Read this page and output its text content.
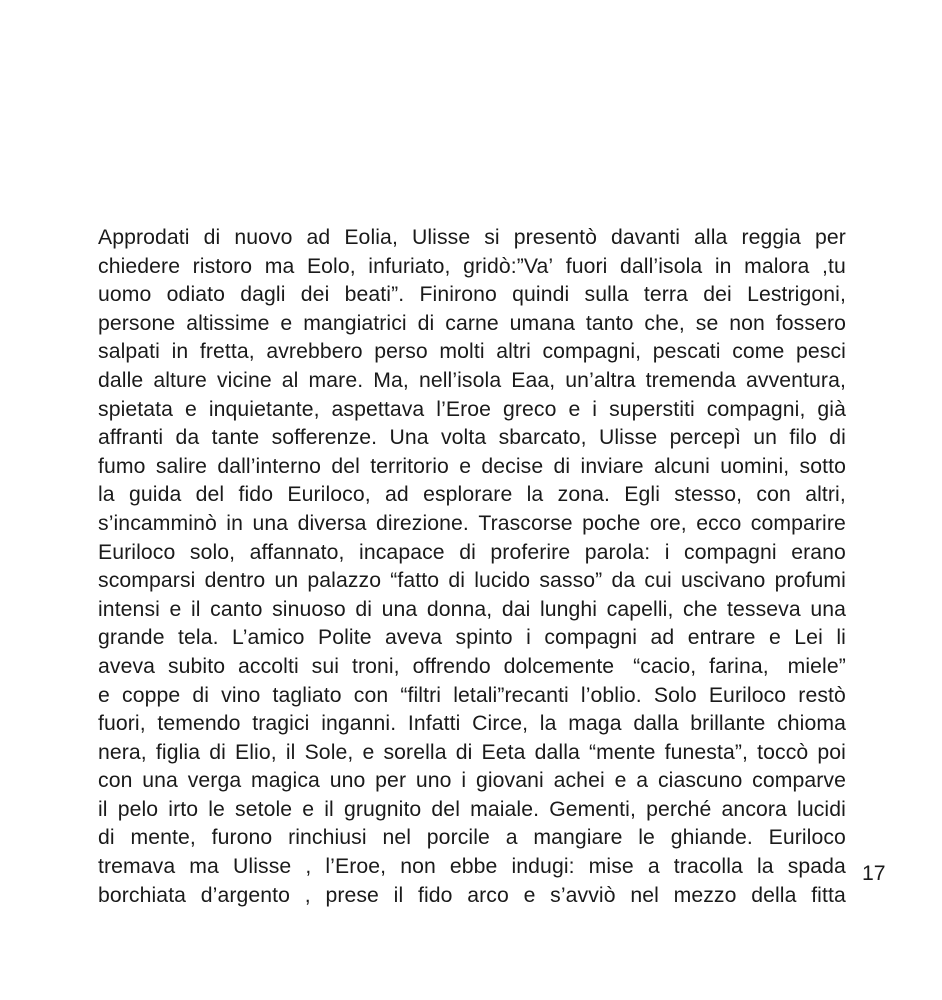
Approdati di nuovo ad Eolia, Ulisse si presentò davanti alla reggia per
chiedere ristoro ma Eolo, infuriato, gridò:”Va’ fuori dall’isola in malora ,tu
uomo odiato dagli dei beati”. Finirono quindi sulla terra dei Lestrigoni,
persone altissime e mangiatrici di carne umana tanto che, se non fossero
salpati in fretta, avrebbero perso molti altri compagni, pescati come pesci
dalle alture vicine al mare. Ma, nell’isola Eaa, un’altra tremenda avventura,
spietata e inquietante, aspettava l’Eroe greco e i superstiti compagni, già
affranti da tante sofferenze. Una volta sbarcato, Ulisse percepì un filo di
fumo salire dall’interno del territorio e decise di inviare alcuni uomini, sotto
la guida del fido Euriloco, ad esplorare la zona. Egli stesso, con altri,
s’incamminò in una diversa direzione. Trascorse poche ore, ecco comparire
Euriloco solo, affannato, incapace di proferire parola: i compagni erano
scomparsi dentro un palazzo “fatto di lucido sasso” da cui uscivano profumi
intensi e il canto sinuoso di una donna, dai lunghi capelli, che tesseva una
grande tela. L’amico Polite aveva spinto i compagni ad entrare e Lei li
aveva subito accolti sui troni, offrendo dolcemente “cacio, farina, miele”
e coppe di vino tagliato con “filtri letali”recanti l’oblio. Solo Euriloco restò
fuori, temendo tragici inganni. Infatti Circe, la maga dalla brillante chioma
nera, figlia di Elio, il Sole, e sorella di Eeta dalla “mente funesta”, toccò poi
con una verga magica uno per uno i giovani achei e a ciascuno comparve
il pelo irto le setole e il grugnito del maiale. Gementi, perché ancora lucidi
di mente, furono rinchiusi nel porcile a mangiare le ghiande. Euriloco
tremava ma Ulisse , l’Eroe, non ebbe indugi: mise a tracolla la spada
borchiata d’argento , prese il fido arco e s’avviò nel mezzo della fitta
17
